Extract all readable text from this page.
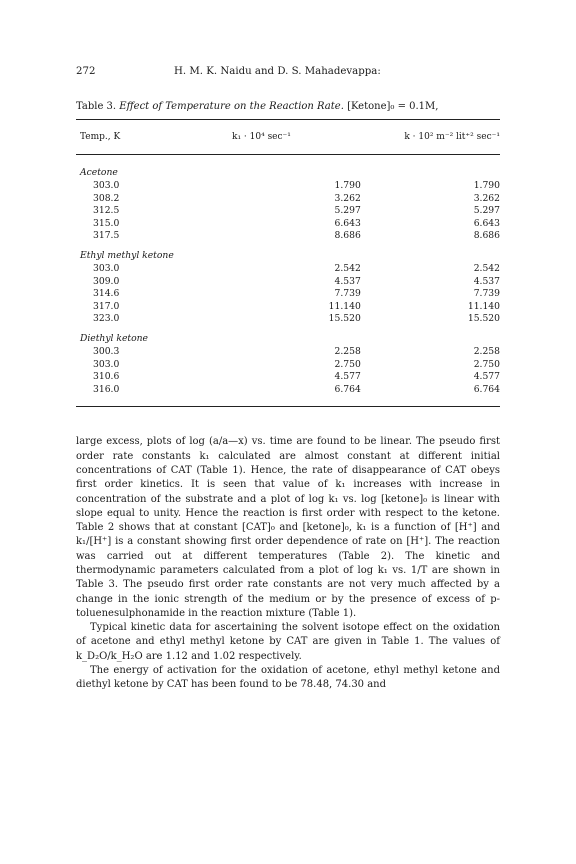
272	H. M. K. Naidu and D. S. Mahadevappa:
Table 3. Effect of Temperature on the Reaction Rate. [Ketone]₀ = 0.1M,
Temp., K	k₁ · 10⁴ sec⁻¹	k · 10² m⁻² lit⁺² sec⁻¹
Acetone
303.0	1.790	1.790
308.2	3.262	3.262
312.5	5.297	5.297
315.0	6.643	6.643
317.5	8.686	8.686
Ethyl methyl ketone
303.0	2.542	2.542
309.0	4.537	4.537
314.6	7.739	7.739
317.0	11.140	11.140
323.0	15.520	15.520
Diethyl ketone
300.3	2.258	2.258
303.0	2.750	2.750
310.6	4.577	4.577
316.0	6.764	6.764

large excess, plots of log (a/a—x) vs. time are found to be linear. The pseudo first order rate constants k₁ calculated are almost constant at different initial concentrations of CAT (Table 1). Hence, the rate of disappearance of CAT obeys first order kinetics. It is seen that value of k₁ increases with increase in concentration of the substrate and a plot of log k₁ vs. log [ketone]₀ is linear with slope equal to unity. Hence the reaction is first order with respect to the ketone. Table 2 shows that at constant [CAT]₀ and [ketone]₀, k₁ is a function of [H⁺] and k₁/[H⁺] is a constant showing first order dependence of rate on [H⁺]. The reaction was carried out at different temperatures (Table 2). The kinetic and thermodynamic parameters calculated from a plot of log k₁ vs. 1/T are shown in Table 3. The pseudo first order rate constants are not very much affected by a change in the ionic strength of the medium or by the presence of excess of p-toluenesulphonamide in the reaction mixture (Table 1).

Typical kinetic data for ascertaining the solvent isotope effect on the oxidation of acetone and ethyl methyl ketone by CAT are given in Table 1. The values of k_D₂O/k_H₂O are 1.12 and 1.02 respectively.

The energy of activation for the oxidation of acetone, ethyl methyl ketone and diethyl ketone by CAT has been found to be 78.48, 74.30 and
